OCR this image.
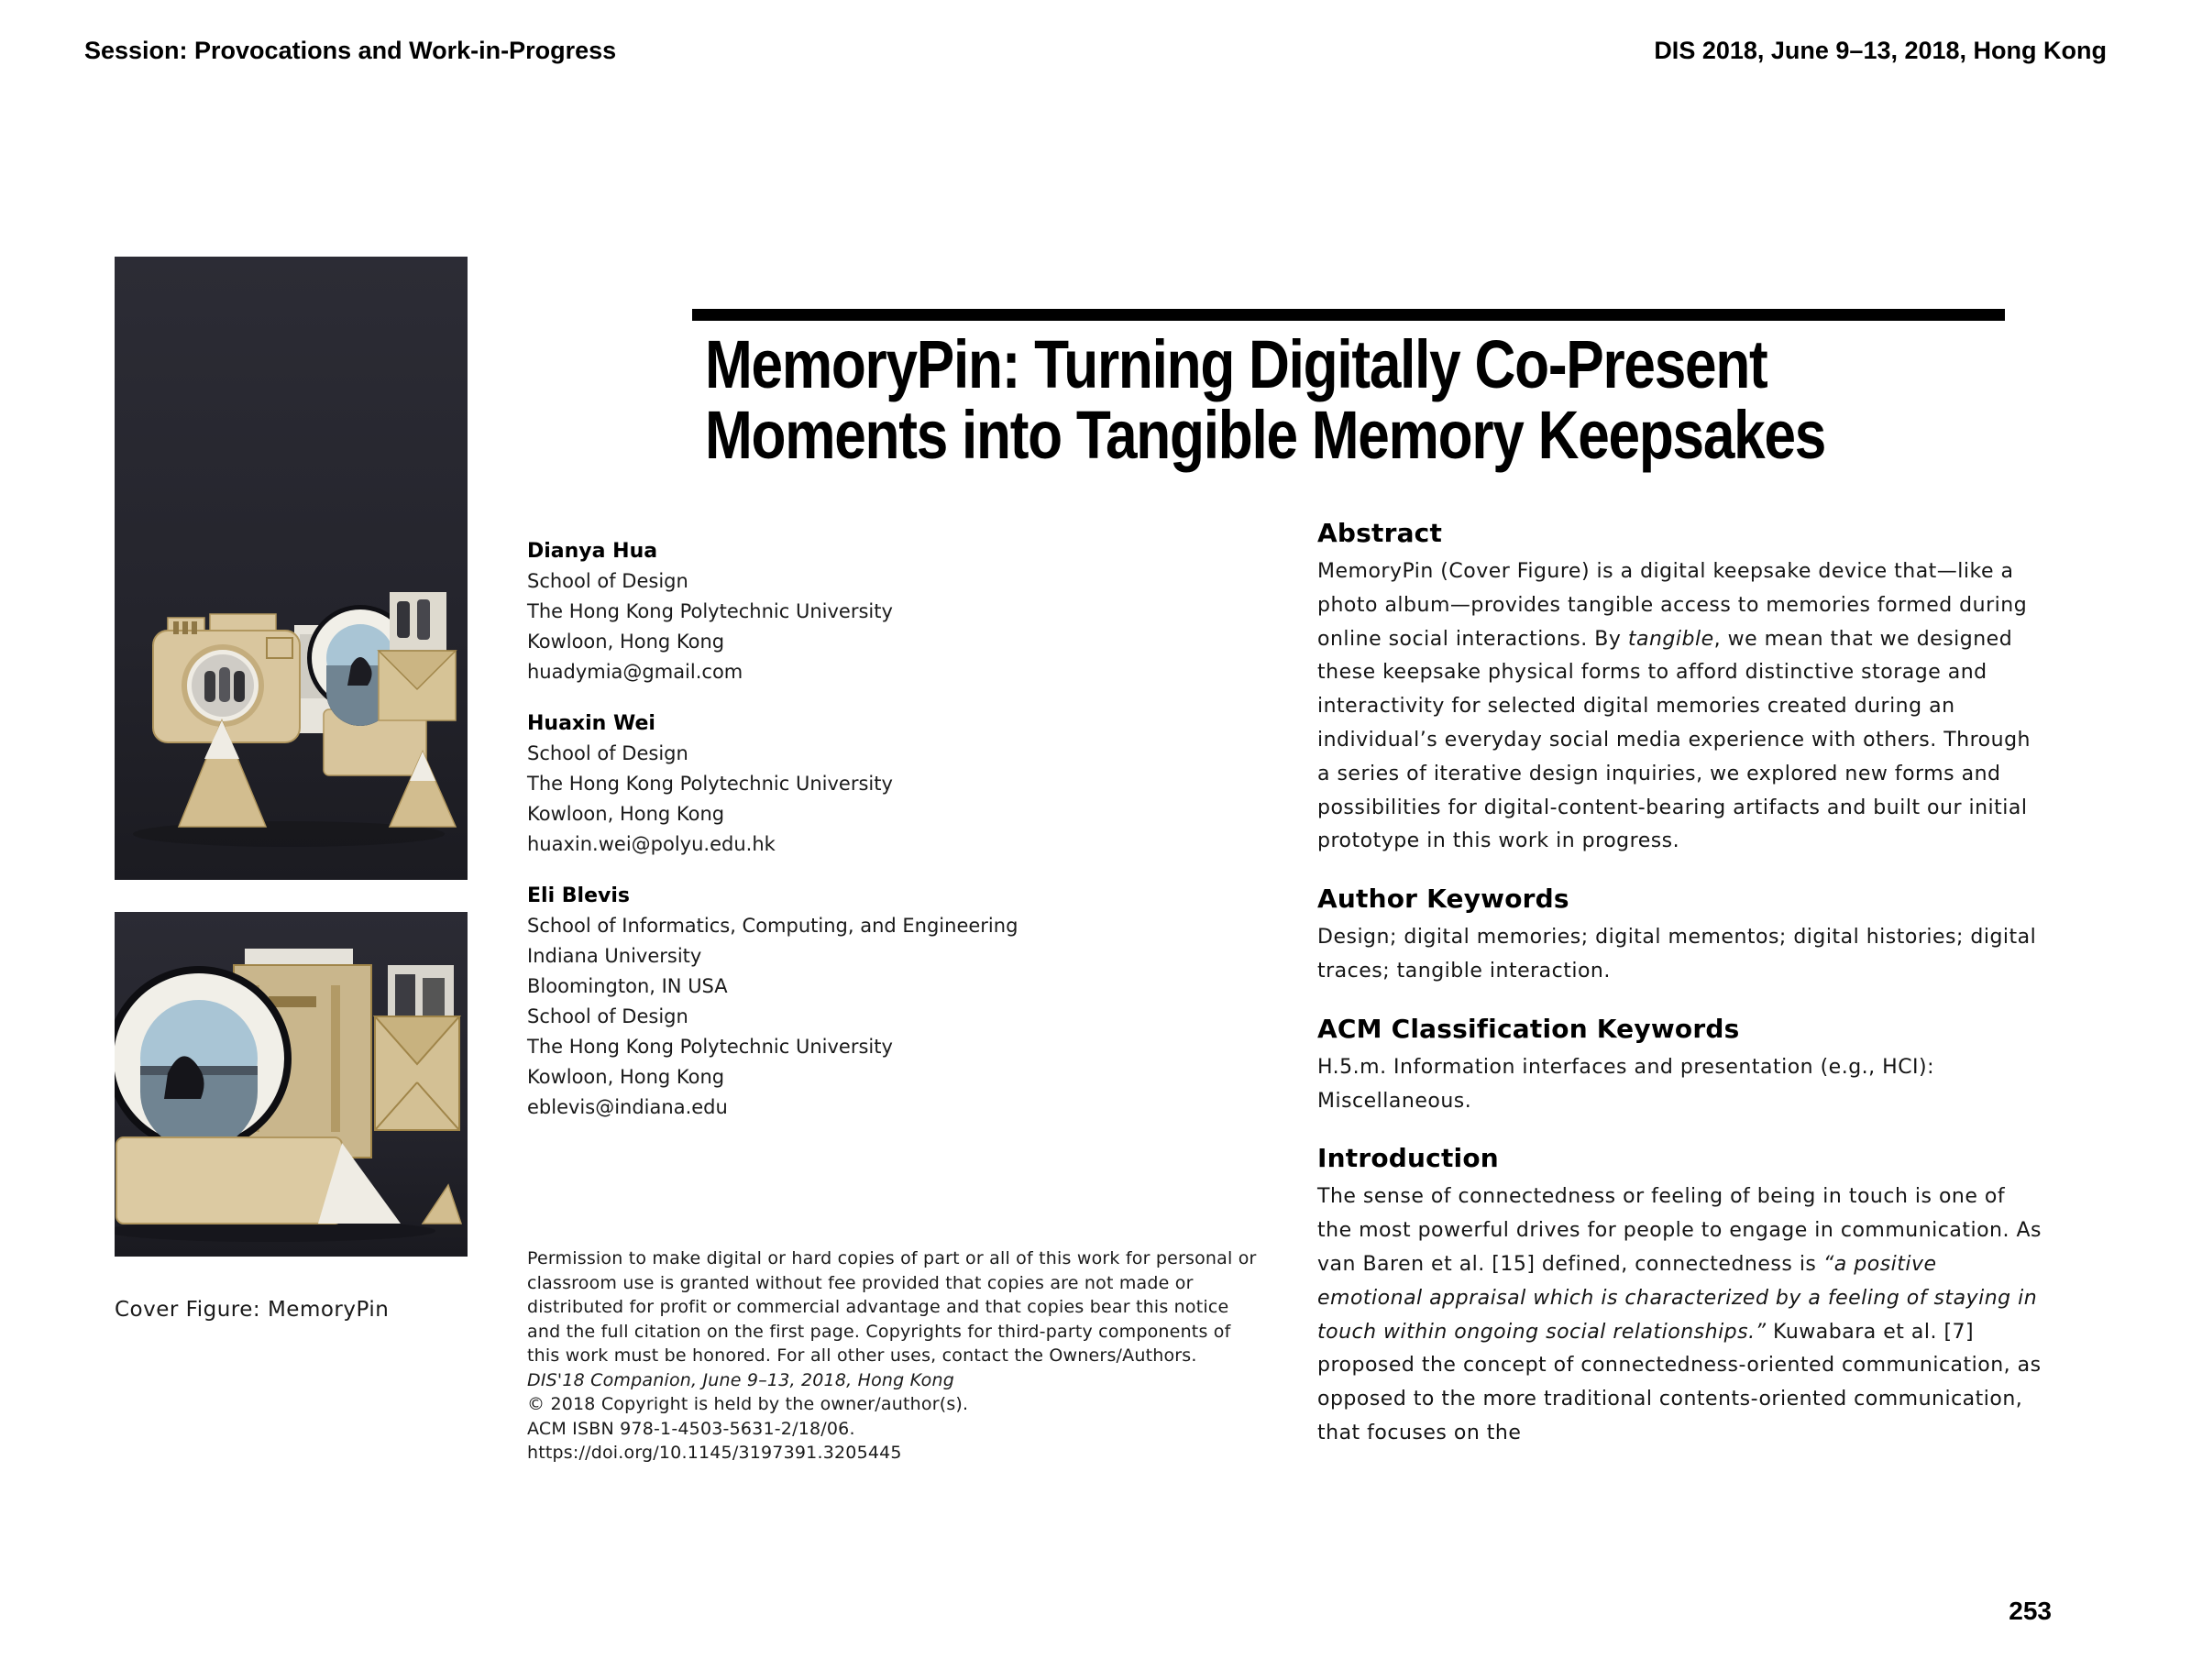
Session: Provocations and Work-in-Progress	DIS 2018, June 9–13, 2018, Hong Kong
Cover Figure: MemoryPin
MemoryPin: Turning Digitally Co-Present
Moments into Tangible Memory Keepsakes
Dianya Hua
School of Design
The Hong Kong Polytechnic University
Kowloon, Hong Kong
huadymia@gmail.com
Huaxin Wei
School of Design
The Hong Kong Polytechnic University
Kowloon, Hong Kong
huaxin.wei@polyu.edu.hk
Eli Blevis
School of Informatics, Computing, and Engineering
Indiana University
Bloomington, IN USA
School of Design
The Hong Kong Polytechnic University
Kowloon, Hong Kong
eblevis@indiana.edu

Permission to make digital or hard copies of part or all of this work for personal or classroom use is granted without fee provided that copies are not made or distributed for profit or commercial advantage and that copies bear this notice and the full citation on the first page. Copyrights for third-party components of this work must be honored. For all other uses, contact the Owners/Authors.

DIS'18 Companion, June 9–13, 2018, Hong Kong
© 2018 Copyright is held by the owner/author(s).
ACM ISBN 978-1-4503-5631-2/18/06.
https://doi.org/10.1145/3197391.3205445
Abstract

MemoryPin (Cover Figure) is a digital keepsake device that—like a photo album—provides tangible access to memories formed during online social interactions. By tangible, we mean that we designed these keepsake physical forms to afford distinctive storage and interactivity for selected digital memories created during an individual’s everyday social media experience with others. Through a series of iterative design inquiries, we explored new forms and possibilities for digital-content-bearing artifacts and built our initial prototype in this work in progress.

Author Keywords

Design; digital memories; digital mementos; digital histories; digital traces; tangible interaction.

ACM Classification Keywords

H.5.m. Information interfaces and presentation (e.g., HCI): Miscellaneous.

Introduction

The sense of connectedness or feeling of being in touch is one of the most powerful drives for people to engage in communication. As van Baren et al. [15] defined, connectedness is “a positive emotional appraisal which is characterized by a feeling of staying in touch within ongoing social relationships.” Kuwabara et al. [7] proposed the concept of connectedness-oriented communication, as opposed to the more traditional contents-oriented communication, that focuses on the

253
